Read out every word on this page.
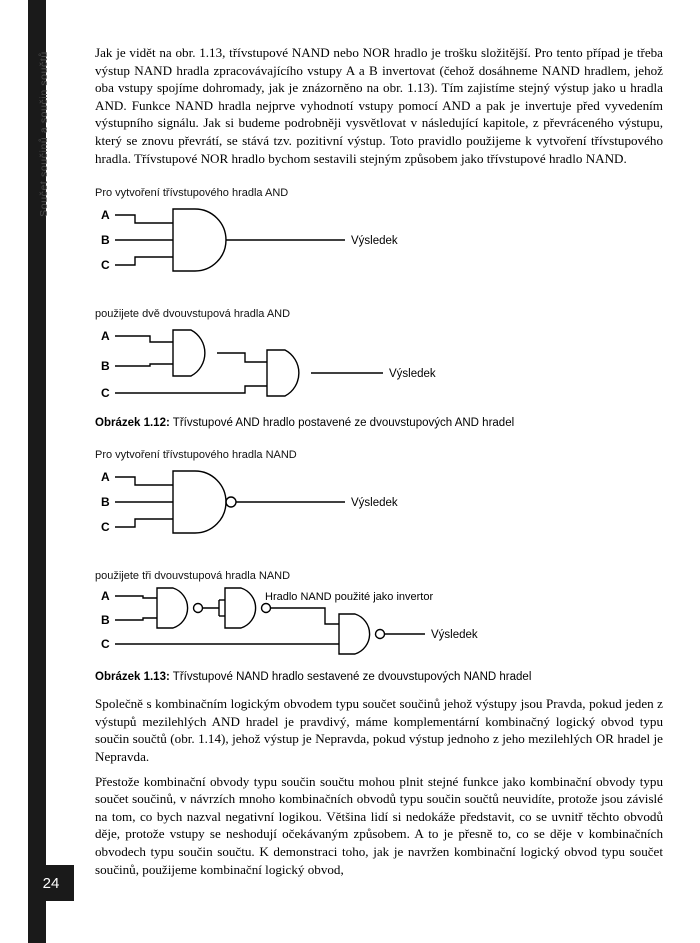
Součet součinů a součin součtů
24

Jak je vidět na obr. 1.13, třívstupové NAND nebo NOR hradlo je trošku složitější. Pro tento případ je třeba výstup NAND hradla zpracovávajícího vstupy A a B invertovat (čehož dosáhneme NAND hradlem, jehož oba vstupy spojíme dohromady, jak je znázorněno na obr. 1.13). Tím zajistíme stejný výstup jako u hradla AND. Funkce NAND hradla nejprve vyhodnotí vstupy pomocí AND a pak je invertuje před vyvedením výstupního signálu. Jak si budeme podrobněji vysvětlovat v následující kapitole, z převráceného výstupu, který se znovu převrátí, se stává tzv. pozitivní výstup. Toto pravidlo použijeme k vytvoření třívstupového hradla. Třívstupové NOR hradlo bychom sestavili stejným způsobem jako třívstupové hradlo NAND.

Pro vytvoření třívstupového hradla AND

A
B
C
Výsledek

použijete dvě dvouvstupová hradla AND

A
B
C
Výsledek
Obrázek 1.12: Třívstupové AND hradlo postavené ze dvouvstupových AND hradel

Pro vytvoření třívstupového hradla NAND

A
B
C
Výsledek

použijete tři dvouvstupová hradla NAND

A
B
C
Hradlo NAND použité jako invertor
Výsledek
Obrázek 1.13: Třívstupové NAND hradlo sestavené ze dvouvstupových NAND hradel

Společně s kombinačním logickým obvodem typu součet součinů jehož výstupy jsou Pravda, pokud jeden z výstupů mezilehlých AND hradel je pravdivý, máme komplementární kombinačný logický obvod typu součin součtů (obr. 1.14), jehož výstup je Nepravda, pokud výstup jednoho z jeho mezilehlých OR hradel je Nepravda.

Přestože kombinační obvody typu součin součtu mohou plnit stejné funkce jako kombinační obvody typu součet součinů, v návrzích mnoho kombinačních obvodů typu součin součtů neuvidíte, protože jsou závislé na tom, co bych nazval negativní logikou. Většina lidí si nedokáže představit, co se uvnitř těchto obvodů děje, protože vstupy se neshodují očekávaným způsobem. A to je přesně to, co se děje v kombinačních obvodech typu součin součtu. K demonstraci toho, jak je navržen kombinační logický obvod typu součet součinů, použijeme kombinační logický obvod,
